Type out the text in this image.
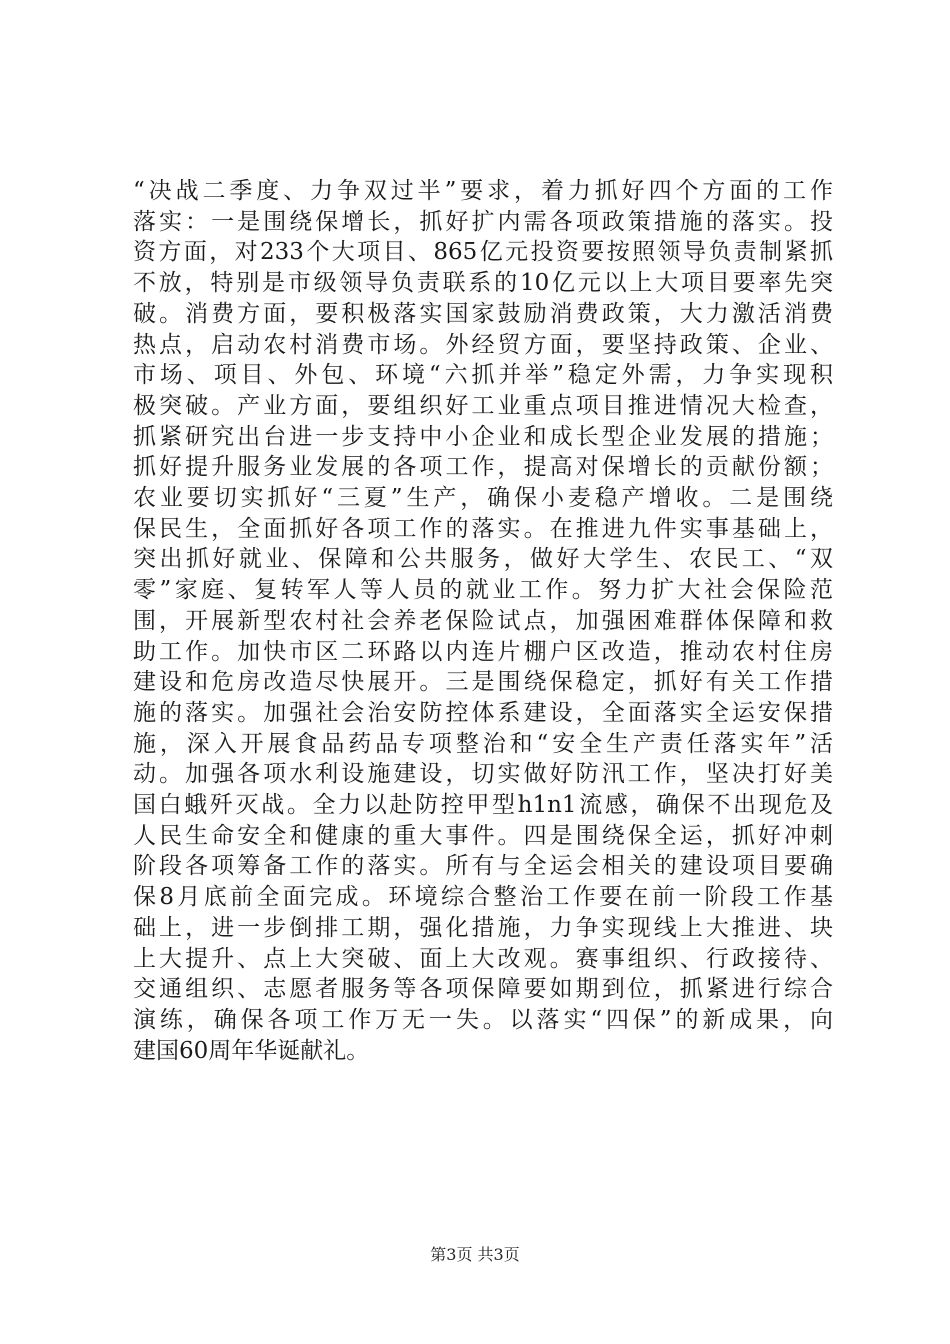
“决战二季度、力争双过半”要求，着力抓好四个方面的工作
落实：一是围绕保增长，抓好扩内需各项政策措施的落实。投
资方面，对233个大项目、865亿元投资要按照领导负责制紧抓
不放，特别是市级领导负责联系的10亿元以上大项目要率先突
破。消费方面，要积极落实国家鼓励消费政策，大力激活消费
热点，启动农村消费市场。外经贸方面，要坚持政策、企业、
市场、项目、外包、环境“六抓并举”稳定外需，力争实现积
极突破。产业方面，要组织好工业重点项目推进情况大检查，
抓紧研究出台进一步支持中小企业和成长型企业发展的措施；
抓好提升服务业发展的各项工作，提高对保增长的贡献份额；
农业要切实抓好“三夏”生产，确保小麦稳产增收。二是围绕
保民生，全面抓好各项工作的落实。在推进九件实事基础上，
突出抓好就业、保障和公共服务，做好大学生、农民工、“双
零”家庭、复转军人等人员的就业工作。努力扩大社会保险范
围，开展新型农村社会养老保险试点，加强困难群体保障和救
助工作。加快市区二环路以内连片棚户区改造，推动农村住房
建设和危房改造尽快展开。三是围绕保稳定，抓好有关工作措
施的落实。加强社会治安防控体系建设，全面落实全运安保措
施，深入开展食品药品专项整治和“安全生产责任落实年”活
动。加强各项水利设施建设，切实做好防汛工作，坚决打好美
国白蛾歼灭战。全力以赴防控甲型h1n1流感，确保不出现危及
人民生命安全和健康的重大事件。四是围绕保全运，抓好冲刺
阶段各项筹备工作的落实。所有与全运会相关的建设项目要确
保8月底前全面完成。环境综合整治工作要在前一阶段工作基
础上，进一步倒排工期，强化措施，力争实现线上大推进、块
上大提升、点上大突破、面上大改观。赛事组织、行政接待、
交通组织、志愿者服务等各项保障要如期到位，抓紧进行综合
演练，确保各项工作万无一失。以落实“四保”的新成果，向
建国60周年华诞献礼。
第3页 共3页
